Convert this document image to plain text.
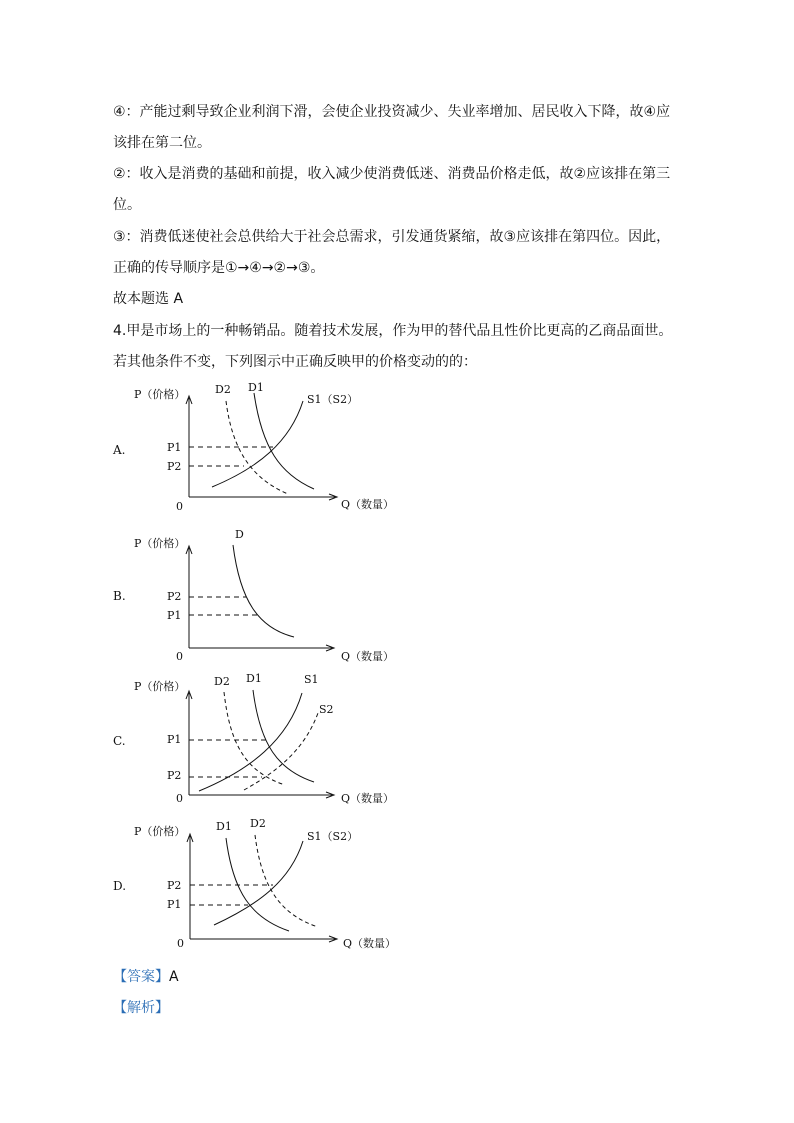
④：产能过剩导致企业利润下滑，会使企业投资减少、失业率增加、居民收入下降，故④应该排在第二位。
②：收入是消费的基础和前提，收入减少使消费低迷、消费品价格走低，故②应该排在第三位。
③：消费低迷使社会总供给大于社会总需求，引发通货紧缩，故③应该排在第四位。因此，正确的传导顺序是①→④→②→③。
故本题选 A
4.甲是市场上的一种畅销品。随着技术发展，作为甲的替代品且性价比更高的乙商品面世。若其他条件不变，下列图示中正确反映甲的价格变动的的：
A.
B.
C.
D.
P（价格）	D2 D1
S1（S2）
P1
P2
0	Q（数量）
P（价格）
D
P2
P1
0	Q（数量）
P（价格）	D2 D1	S1
S2
P1
P2
0	Q（数量）
P（价格）	D1 D2
S1（S2）
P2
P1
0	Q（数量）
【答案】A
【解析】
